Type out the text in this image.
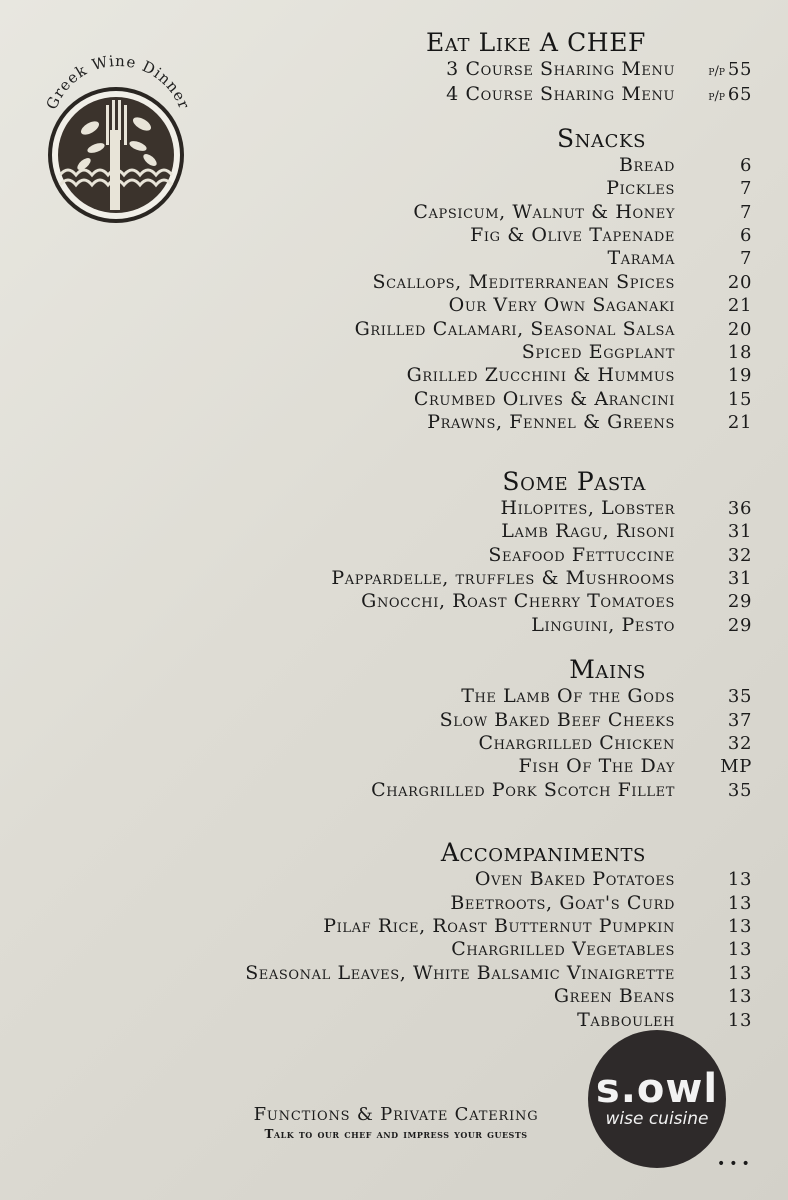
Greek Wine Dinner
Eat Like A CHEF
3 Course Sharing Menu	p/p 55
4 Course Sharing Menu	p/p 65
Snacks
Bread	6
Pickles	7
Capsicum, Walnut & Honey	7
Fig & Olive Tapenade	6
Tarama	7
Scallops, Mediterranean Spices	20
Our Very Own Saganaki	21
Grilled Calamari, Seasonal Salsa	20
Spiced Eggplant	18
Grilled Zucchini & Hummus	19
Crumbed Olives & Arancini	15
Prawns, Fennel & Greens	21
Some Pasta
Hilopites, Lobster	36
Lamb Ragu, Risoni	31
Seafood Fettuccine	32
Pappardelle, truffles & Mushrooms	31
Gnocchi, Roast Cherry Tomatoes	29
Linguini, Pesto	29
Mains
The Lamb Of the Gods	35
Slow Baked Beef Cheeks	37
Chargrilled Chicken	32
Fish Of The Day	MP
Chargrilled Pork Scotch Fillet	35
Accompaniments
Oven Baked Potatoes	13
Beetroots, Goat's Curd	13
Pilaf Rice, Roast Butternut Pumpkin	13
Chargrilled Vegetables	13
Seasonal Leaves, White Balsamic Vinaigrette	13
Green Beans	13
Tabbouleh	13
Functions & Private Catering
Talk to our chef and impress your guests
s.owl
wise cuisine
•••
